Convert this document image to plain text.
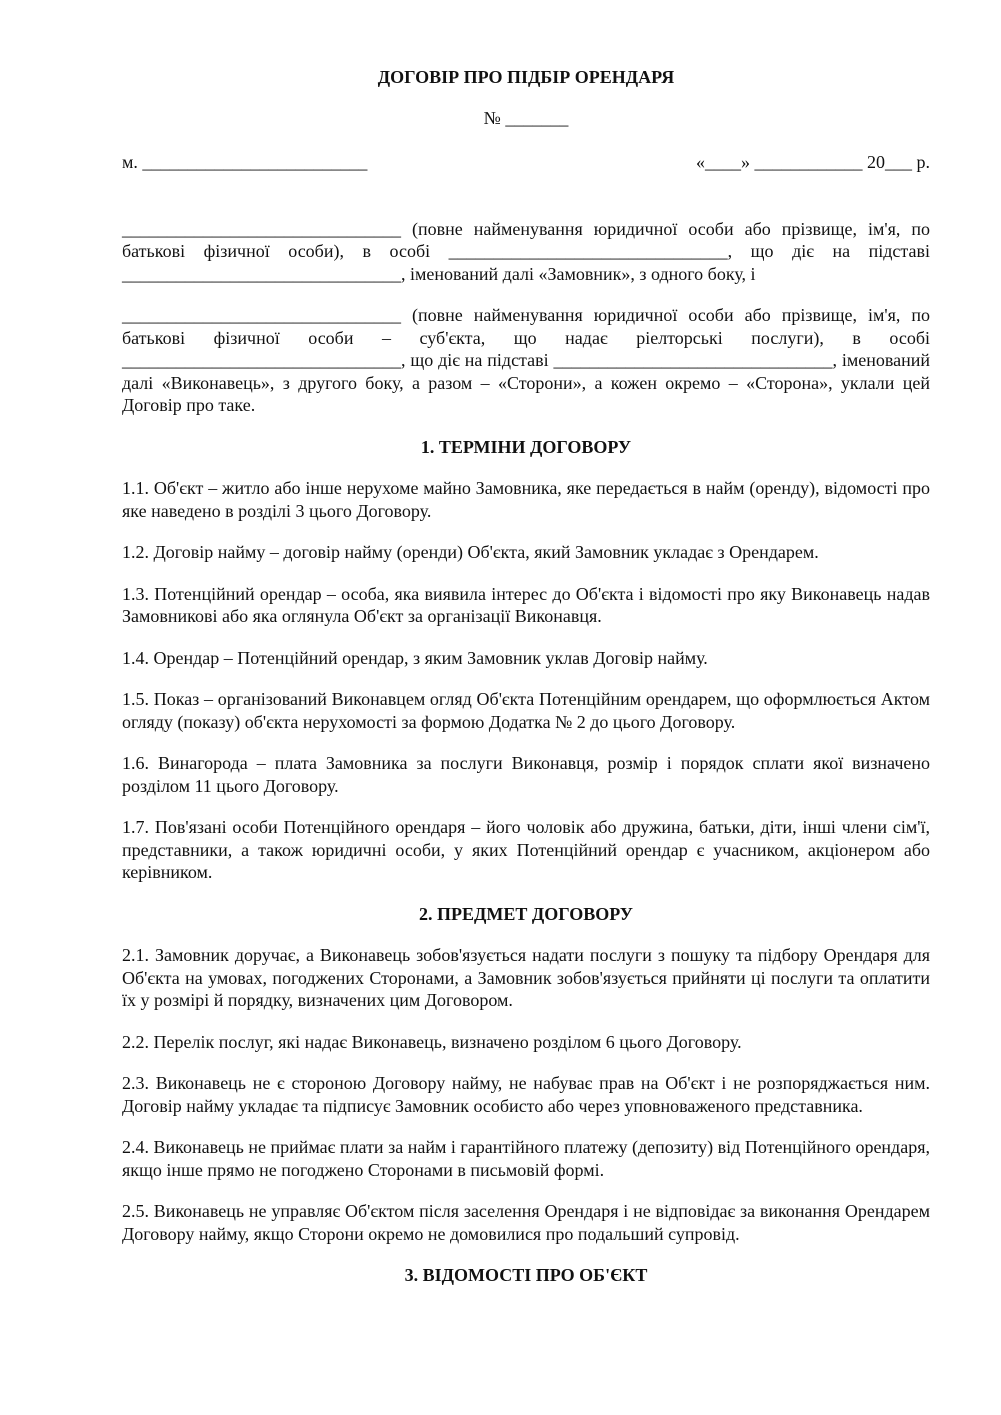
ДОГОВІР ПРО ПІДБІР ОРЕНДАРЯ
№ _______
м. _________________________	«____» ____________ 20___ р.

_______________________________ (повне найменування юридичної особи або прізвище, ім'я, по батькові фізичної особи), в особі _______________________________, що діє на підставі _______________________________, іменований далі «Замовник», з одного боку, і

_______________________________ (повне найменування юридичної особи або прізвище, ім'я, по батькові фізичної особи – суб'єкта, що надає ріелторські послуги), в особі _______________________________, що діє на підставі _______________________________, іменований далі «Виконавець», з другого боку, а разом – «Сторони», а кожен окремо – «Сторона», уклали цей Договір про таке.

1. ТЕРМІНИ ДОГОВОРУ

1.1. Об'єкт – житло або інше нерухоме майно Замовника, яке передається в найм (оренду), відомості про яке наведено в розділі 3 цього Договору.

1.2. Договір найму – договір найму (оренди) Об'єкта, який Замовник укладає з Орендарем.

1.3. Потенційний орендар – особа, яка виявила інтерес до Об'єкта і відомості про яку Виконавець надав Замовникові або яка оглянула Об'єкт за організації Виконавця.

1.4. Орендар – Потенційний орендар, з яким Замовник уклав Договір найму.

1.5. Показ – організований Виконавцем огляд Об'єкта Потенційним орендарем, що оформлюється Актом огляду (показу) об'єкта нерухомості за формою Додатка № 2 до цього Договору.

1.6. Винагорода – плата Замовника за послуги Виконавця, розмір і порядок сплати якої визначено розділом 11 цього Договору.

1.7. Пов'язані особи Потенційного орендаря – його чоловік або дружина, батьки, діти, інші члени сім'ї, представники, а також юридичні особи, у яких Потенційний орендар є учасником, акціонером або керівником.

2. ПРЕДМЕТ ДОГОВОРУ

2.1. Замовник доручає, а Виконавець зобов'язується надати послуги з пошуку та підбору Орендаря для Об'єкта на умовах, погоджених Сторонами, а Замовник зобов'язується прийняти ці послуги та оплатити їх у розмірі й порядку, визначених цим Договором.

2.2. Перелік послуг, які надає Виконавець, визначено розділом 6 цього Договору.

2.3. Виконавець не є стороною Договору найму, не набуває прав на Об'єкт і не розпоряджається ним. Договір найму укладає та підписує Замовник особисто або через уповноваженого представника.

2.4. Виконавець не приймає плати за найм і гарантійного платежу (депозиту) від Потенційного орендаря, якщо інше прямо не погоджено Сторонами в письмовій формі.

2.5. Виконавець не управляє Об'єктом після заселення Орендаря і не відповідає за виконання Орендарем Договору найму, якщо Сторони окремо не домовилися про подальший супровід.

3. ВІДОМОСТІ ПРО ОБ'ЄКТ
